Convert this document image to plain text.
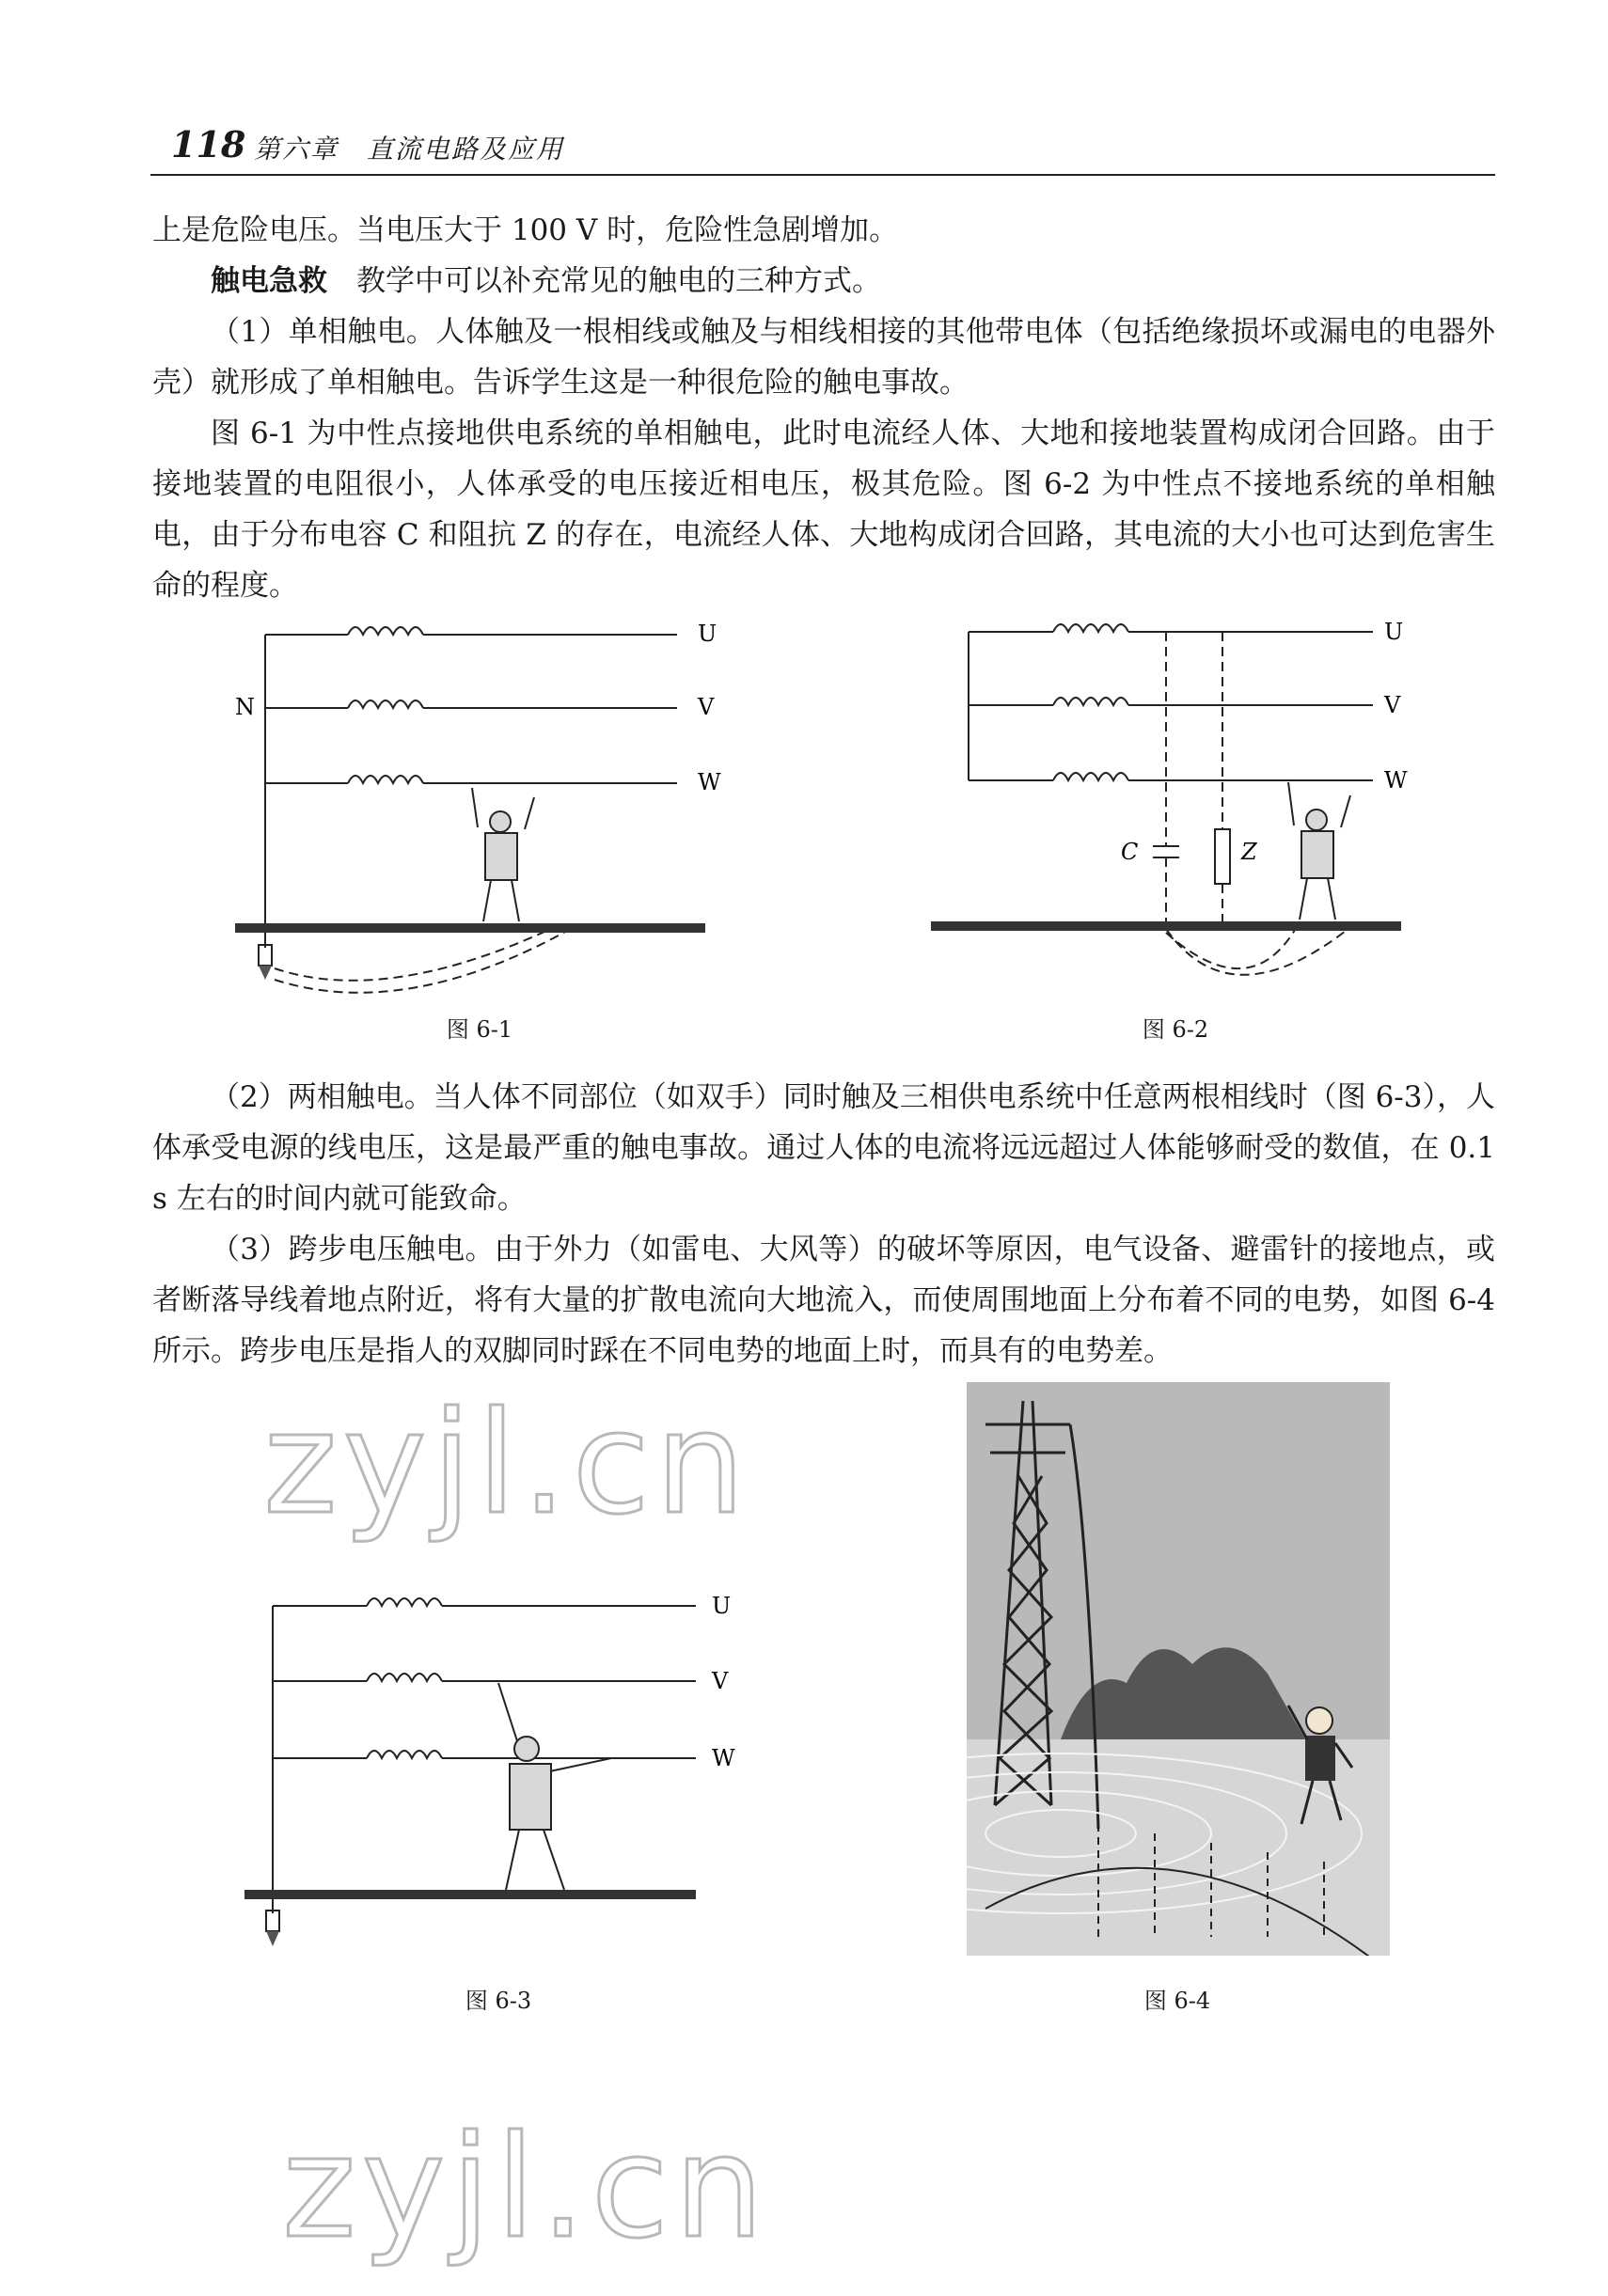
118 第六章　直流电路及应用

上是危险电压。当电压大于 100 V 时，危险性急剧增加。

触电急救　教学中可以补充常见的触电的三种方式。

（1）单相触电。人体触及一根相线或触及与相线相接的其他带电体（包括绝缘损坏或漏电的电器外壳）就形成了单相触电。告诉学生这是一种很危险的触电事故。

图 6-1 为中性点接地供电系统的单相触电，此时电流经人体、大地和接地装置构成闭合回路。由于接地装置的电阻很小，人体承受的电压接近相电压，极其危险。图 6-2 为中性点不接地系统的单相触电，由于分布电容 C 和阻抗 Z 的存在，电流经人体、大地构成闭合回路，其电流的大小也可达到危害生命的程度。

U
V
W
N
图 6-1
U
V
W
C	Z
图 6-2

（2）两相触电。当人体不同部位（如双手）同时触及三相供电系统中任意两根相线时（图 6-3），人体承受电源的线电压，这是最严重的触电事故。通过人体的电流将远远超过人体能够耐受的数值，在 0.1 s 左右的时间内就可能致命。

（3）跨步电压触电。由于外力（如雷电、大风等）的破坏等原因，电气设备、避雷针的接地点，或者断落导线着地点附近，将有大量的扩散电流向大地流入，而使周围地面上分布着不同的电势，如图 6-4 所示。跨步电压是指人的双脚同时踩在不同电势的地面上时，而具有的电势差。

zyjl.cn
U
V
W
图 6-3	图 6-4
zyjl.cn
